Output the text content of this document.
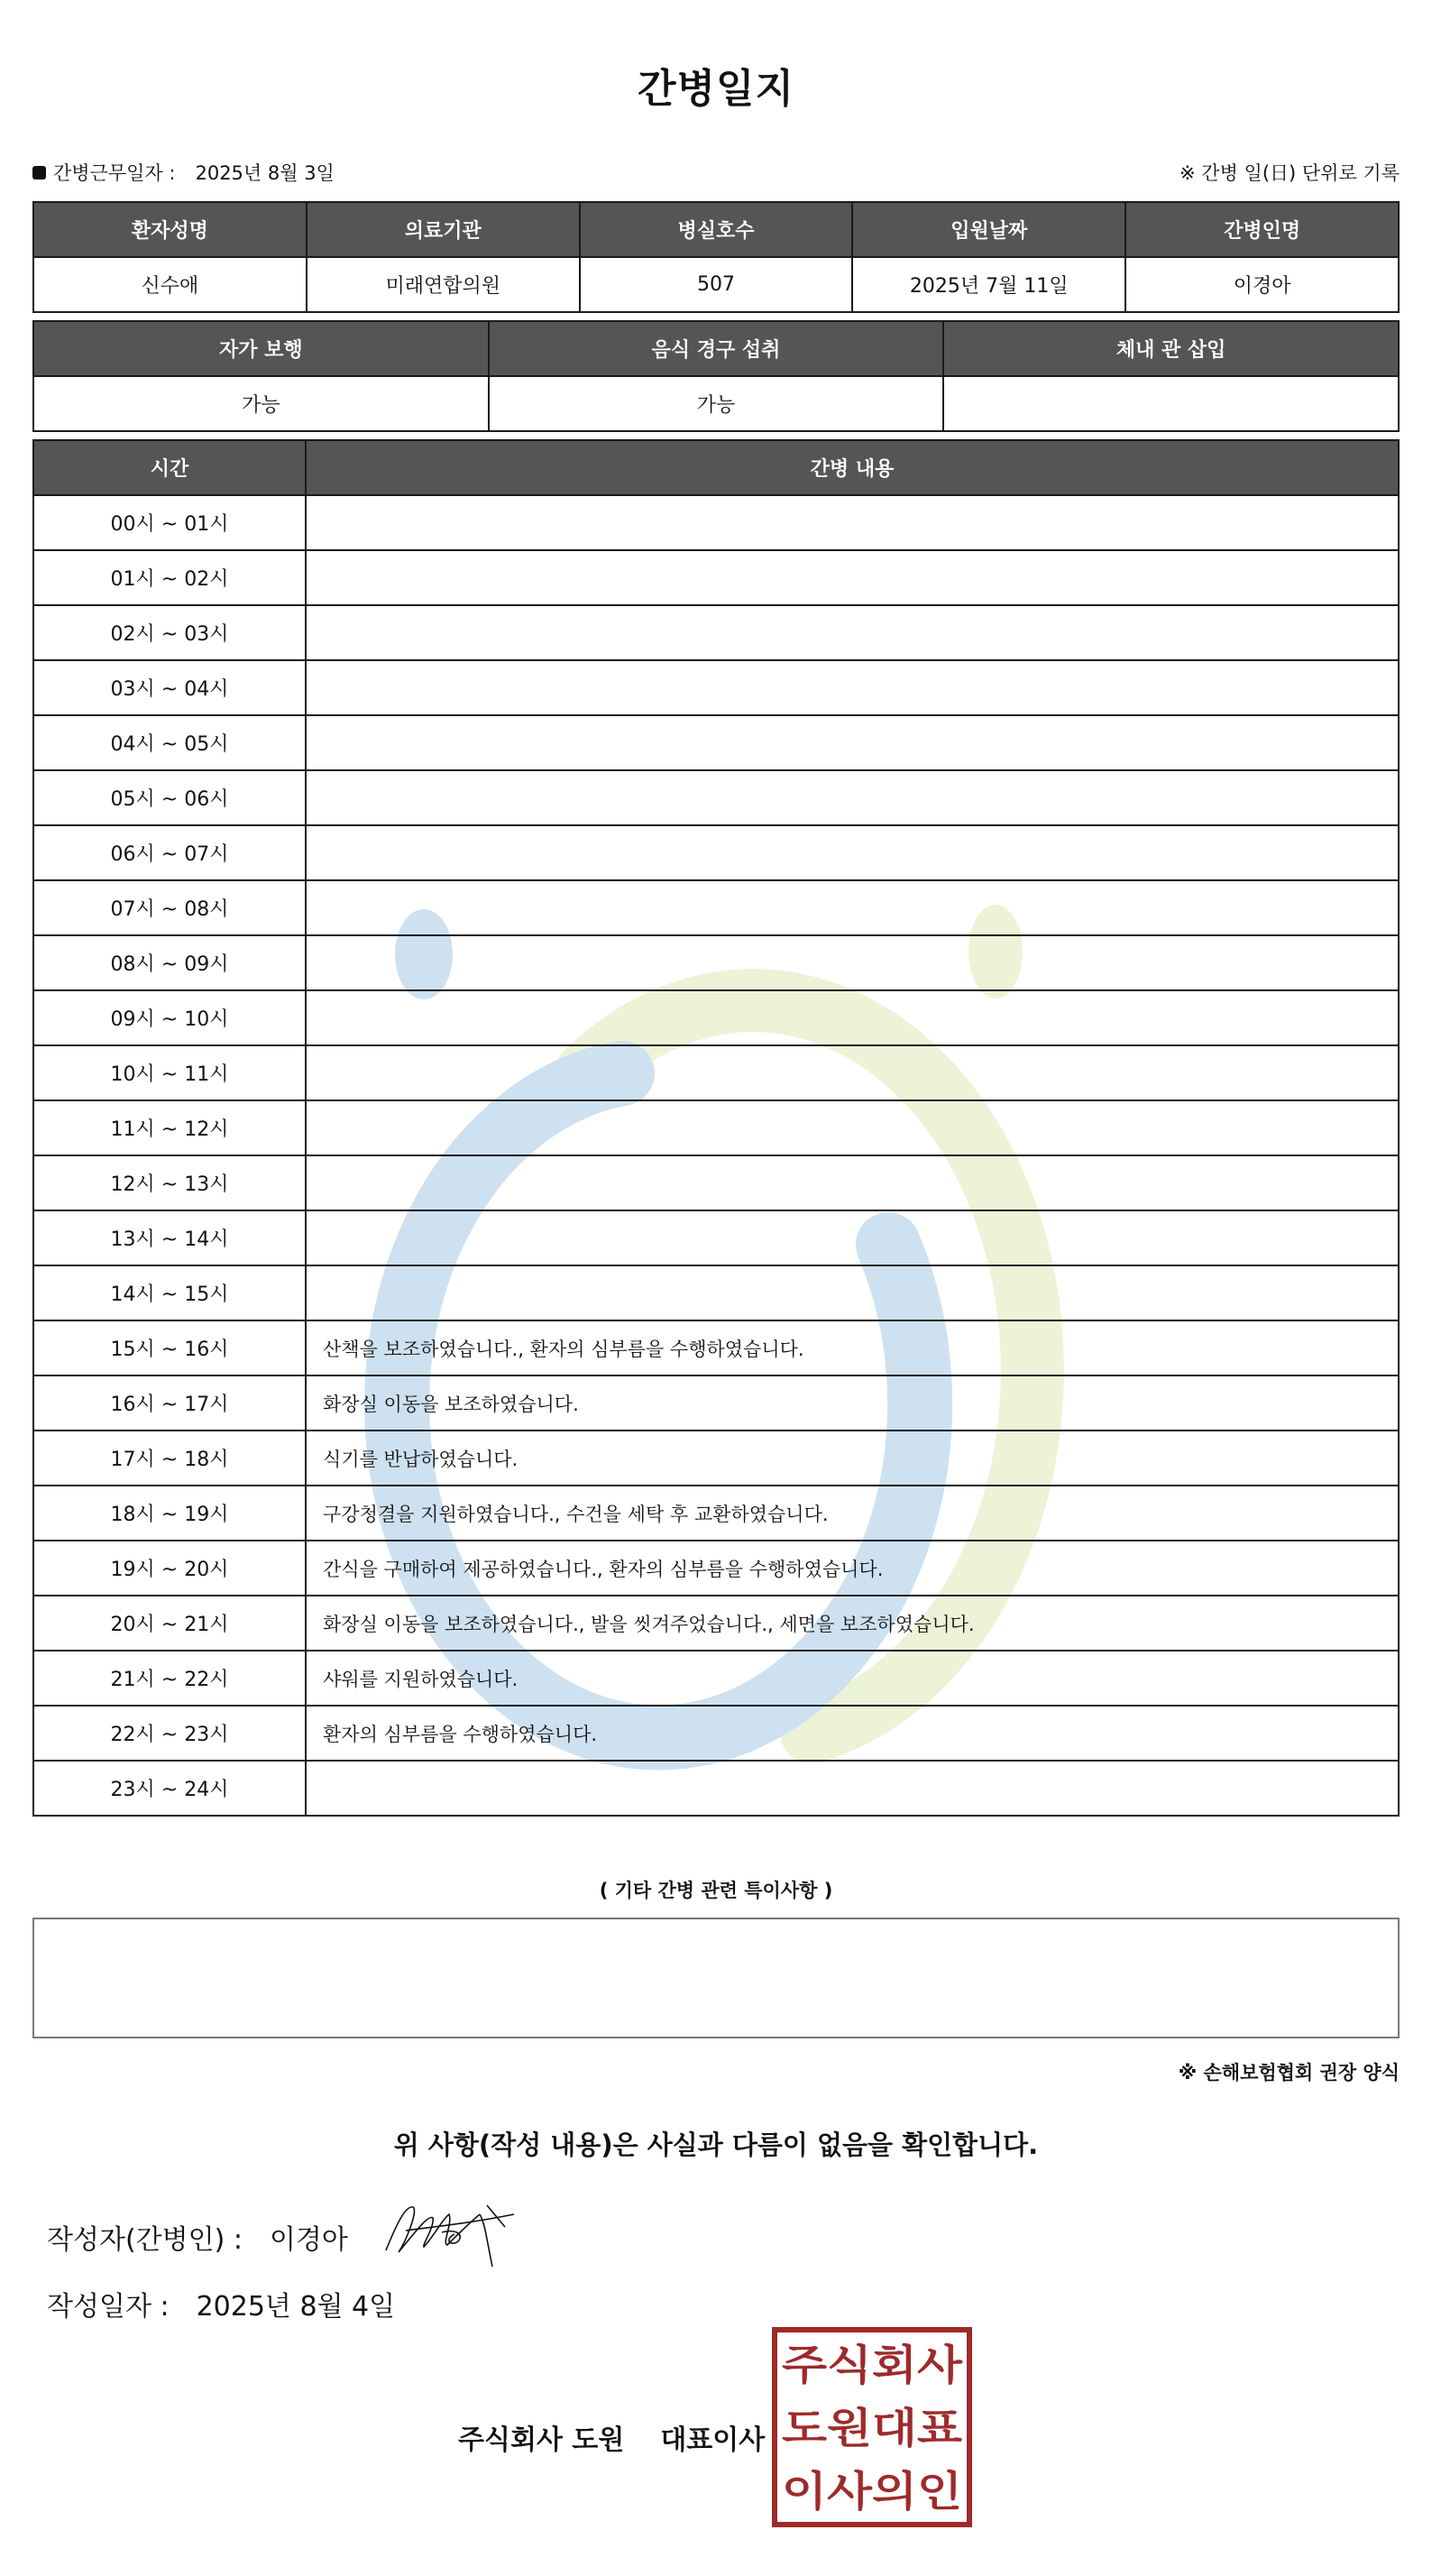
간병일지
간병근무일자 : 2025년 8월 3일	※ 간병 일(日) 단위로 기록
환자성명	의료기관	병실호수	입원날짜	간병인명
신수애	미래연합의원	507	2025년 7월 11일	이경아
자가 보행	음식 경구 섭취	체내 관 삽입
가능	가능	
시간	간병 내용
00시 ~ 01시	
01시 ~ 02시	
02시 ~ 03시	
03시 ~ 04시	
04시 ~ 05시	
05시 ~ 06시	
06시 ~ 07시	
07시 ~ 08시	
08시 ~ 09시	
09시 ~ 10시	
10시 ~ 11시	
11시 ~ 12시	
12시 ~ 13시	
13시 ~ 14시	
14시 ~ 15시	
15시 ~ 16시	산책을 보조하였습니다., 환자의 심부름을 수행하였습니다.
16시 ~ 17시	화장실 이동을 보조하였습니다.
17시 ~ 18시	식기를 반납하였습니다.
18시 ~ 19시	구강청결을 지원하였습니다., 수건을 세탁 후 교환하였습니다.
19시 ~ 20시	간식을 구매하여 제공하였습니다., 환자의 심부름을 수행하였습니다.
20시 ~ 21시	화장실 이동을 보조하였습니다., 발을 씻겨주었습니다., 세면을 보조하였습니다.
21시 ~ 22시	샤워를 지원하였습니다.
22시 ~ 23시	환자의 심부름을 수행하였습니다.
23시 ~ 24시	
( 기타 간병 관련 특이사항 )
※ 손해보험협회 권장 양식
위 사항(작성 내용)은 사실과 다름이 없음을 확인합니다.
작성자(간병인) : 이경아
작성일자 : 2025년 8월 4일
주식회사 도원 대표이사
주식회사
도원대표
이사의인
